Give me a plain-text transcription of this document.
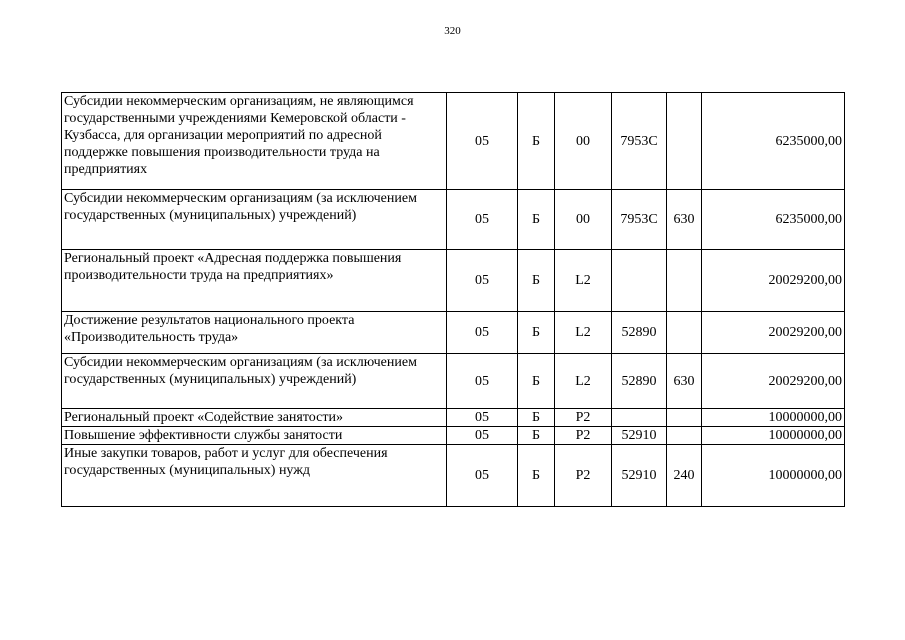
320
Субсидии некоммерческим организациям, не являющимся государственными учреждениями Кемеровской области - Кузбасса, для организации мероприятий по адресной поддержке повышения производительности труда на предприятиях	05	Б	00	7953С		6235000,00
Субсидии некоммерческим организациям (за исключением государственных (муниципальных) учреждений)	05	Б	00	7953С	630	6235000,00
Региональный проект «Адресная поддержка повышения производительности труда на предприятиях»	05	Б	L2			20029200,00
Достижение результатов национального проекта «Производительность труда»	05	Б	L2	52890		20029200,00
Субсидии некоммерческим организациям (за исключением государственных (муниципальных) учреждений)	05	Б	L2	52890	630	20029200,00
Региональный проект «Содействие занятости»	05	Б	Р2			10000000,00
Повышение эффективности службы занятости	05	Б	Р2	52910		10000000,00
Иные закупки товаров, работ и услуг для обеспечения государственных (муниципальных) нужд	05	Б	Р2	52910	240	10000000,00
